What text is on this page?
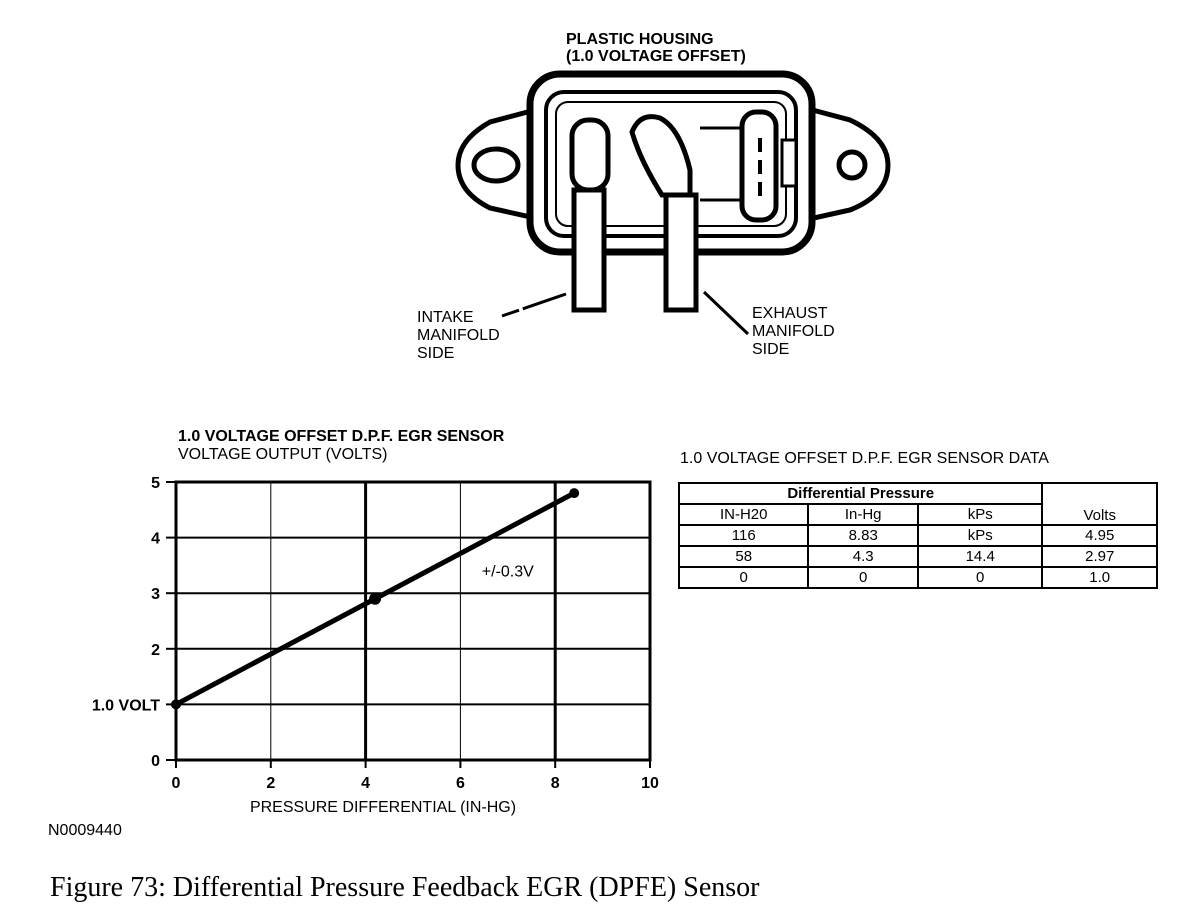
PLASTIC HOUSING
(1.0 VOLTAGE OFFSET)
INTAKE
MANIFOLD
SIDE
EXHAUST
MANIFOLD
SIDE
1.0 VOLTAGE OFFSET D.P.F. EGR SENSOR
VOLTAGE OUTPUT (VOLTS)
0	2	4	6	8	10
0
1.0 VOLT
2
3
4
5
PRESSURE DIFFERENTIAL (IN-HG)
+/-0.3V
1.0 VOLTAGE OFFSET D.P.F. EGR SENSOR DATA
Differential Pressure			Volts
IN-H20	In-Hg	kPs	
116	8.83	kPs	4.95
58	4.3	14.4	2.97
0	0	0	1.0
N0009440
Figure 73: Differential Pressure Feedback EGR (DPFE) Sensor
